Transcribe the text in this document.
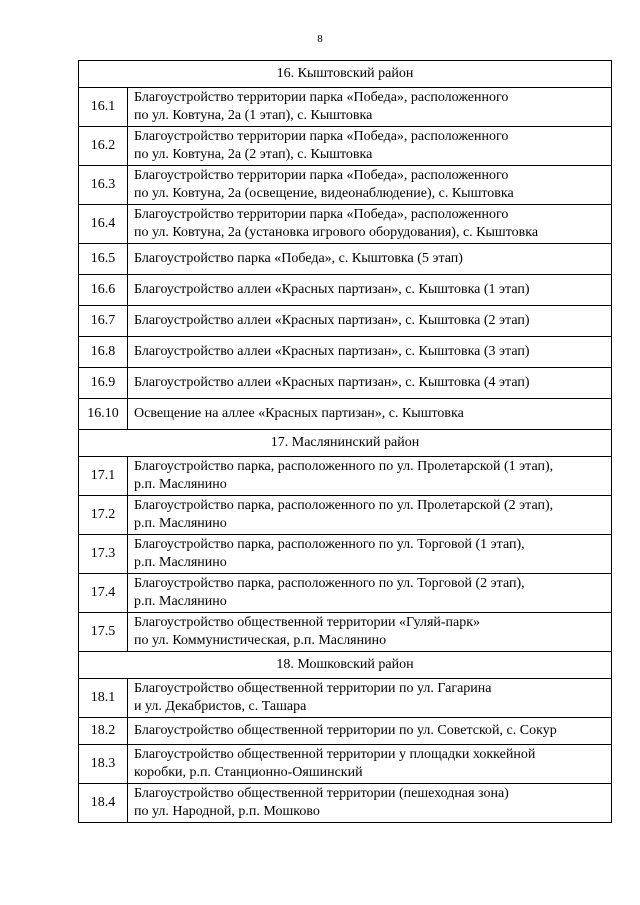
8
16. Кыштовский район	
16.1	Благоустройство территории парка «Победа», расположенного
по ул. Ковтуна, 2а (1 этап), с. Кыштовка
16.2	Благоустройство территории парка «Победа», расположенного
по ул. Ковтуна, 2а (2 этап), с. Кыштовка
16.3	Благоустройство территории парка «Победа», расположенного
по ул. Ковтуна, 2а (освещение, видеонаблюдение), с. Кыштовка
16.4	Благоустройство территории парка «Победа», расположенного
по ул. Ковтуна, 2а (установка игрового оборудования), с. Кыштовка
16.5	Благоустройство парка «Победа», с. Кыштовка (5 этап)
16.6	Благоустройство аллеи «Красных партизан», с. Кыштовка (1 этап)
16.7	Благоустройство аллеи «Красных партизан», с. Кыштовка (2 этап)
16.8	Благоустройство аллеи «Красных партизан», с. Кыштовка (3 этап)
16.9	Благоустройство аллеи «Красных партизан», с. Кыштовка (4 этап)
16.10	Освещение на аллее «Красных партизан», с. Кыштовка
17. Маслянинский район	
17.1	Благоустройство парка, расположенного по ул. Пролетарской (1 этап),
р.п. Маслянино
17.2	Благоустройство парка, расположенного по ул. Пролетарской (2 этап),
р.п. Маслянино
17.3	Благоустройство парка, расположенного по ул. Торговой (1 этап),
р.п. Маслянино
17.4	Благоустройство парка, расположенного по ул. Торговой (2 этап),
р.п. Маслянино
17.5	Благоустройство общественной территории «Гуляй-парк»
по ул. Коммунистическая, р.п. Маслянино
18. Мошковский район	
18.1	Благоустройство общественной территории по ул. Гагарина
и ул. Декабристов, с. Ташара
18.2	Благоустройство общественной территории по ул. Советской, с. Сокур
18.3	Благоустройство общественной территории у площадки хоккейной
коробки, р.п. Станционно-Ояшинский
18.4	Благоустройство общественной территории (пешеходная зона)
по ул. Народной, р.п. Мошково
